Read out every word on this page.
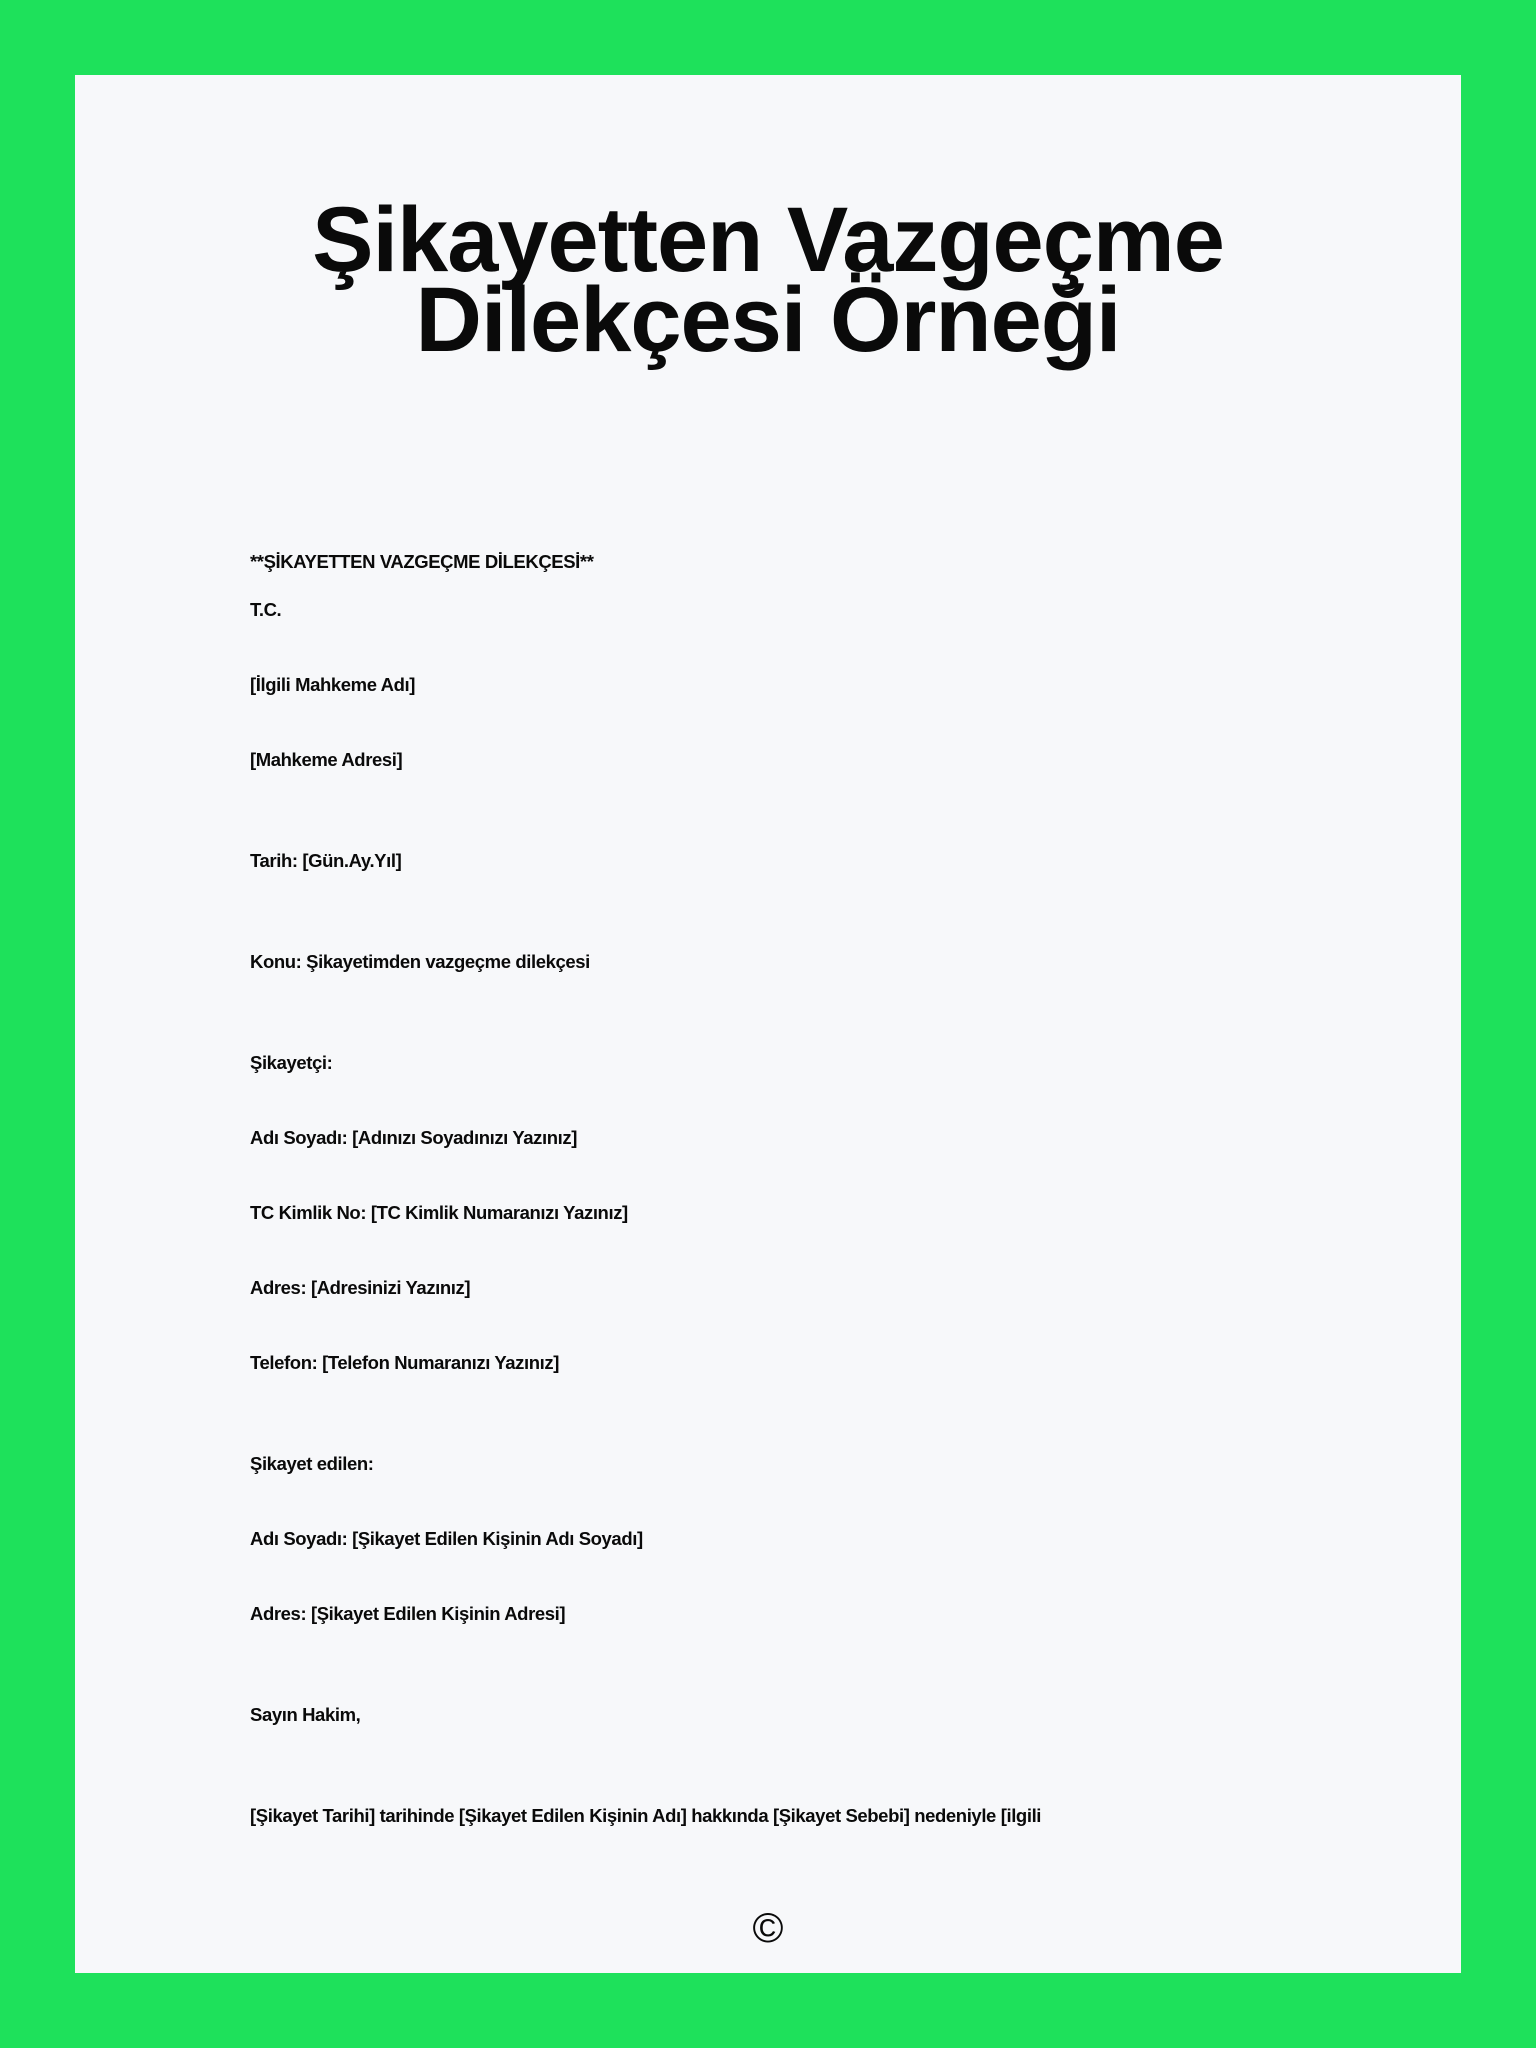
Şikayetten Vazgeçme
Dilekçesi Örneği
**ŞİKAYETTEN VAZGEÇME DİLEKÇESİ**
T.C.
[İlgili Mahkeme Adı]
[Mahkeme Adresi]
Tarih: [Gün.Ay.Yıl]
Konu: Şikayetimden vazgeçme dilekçesi
Şikayetçi:
Adı Soyadı: [Adınızı Soyadınızı Yazınız]
TC Kimlik No: [TC Kimlik Numaranızı Yazınız]
Adres: [Adresinizi Yazınız]
Telefon: [Telefon Numaranızı Yazınız]
Şikayet edilen:
Adı Soyadı: [Şikayet Edilen Kişinin Adı Soyadı]
Adres: [Şikayet Edilen Kişinin Adresi]
Sayın Hakim,
[Şikayet Tarihi] tarihinde [Şikayet Edilen Kişinin Adı] hakkında [Şikayet Sebebi] nedeniyle [ilgili
©
